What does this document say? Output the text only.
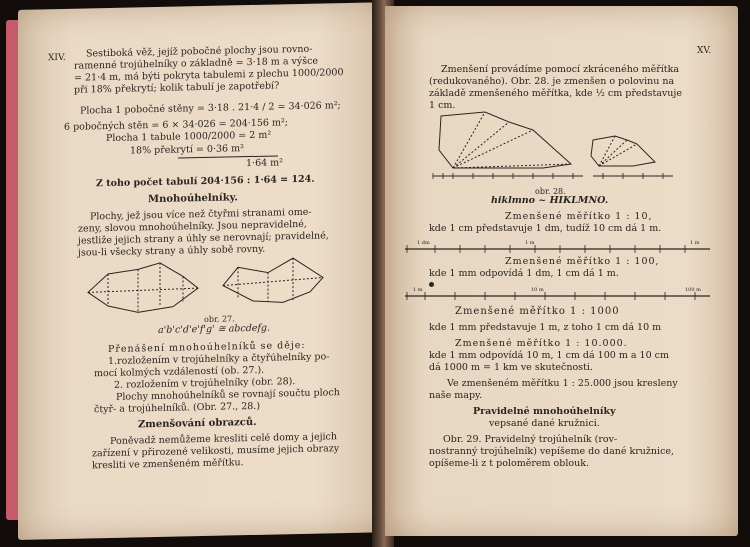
XIV. Sestiboká věž, jejíž pobočné plochy jsou rovno-
ramenné trojúhelníky o základně = 3·18 m a výšce
= 21·4 m, má býti pokryta tabulemi z plechu 1000/2000
při 18% překrytí; kolik tabulí je zapotřebí?
Plocha 1 pobočné stěny = 3·18 . 21·4 / 2 = 34·026 m²;
6 pobočných stěn = 6 × 34·026 = 204·156 m²;
Plocha 1 tabule 1000/2000 = 2 m²
18% překrytí = 0·36 m²
1·64 m²
Z toho počet tabulí 204·156 : 1·64 = 124.
Mnohoúhelníky.
Plochy, jež jsou více než čtyřmi stranami ome-
zeny, slovou mnohoúhelníky. Jsou nepravidelné,
jestliže jejich strany a úhly se nerovnají; pravidelné,
jsou-li všecky strany a úhly sobě rovny.
obr. 27.
a'b'c'd'e'f'g' ≅ abcdefg.
Přenášení mnohoúhelníků se děje:
1.rozložením v trojúhelníky a čtyřúhelníky po-
mocí kolmých vzdáleností (ob. 27.).
2. rozložením v trojúhelníky (obr. 28).
Plochy mnohoúhelníků se rovnají součtu ploch
čtyř- a trojúhelníků. (Obr. 27., 28.)
Zmenšování obrazců.
Poněvadž nemůžeme kresliti celé domy a jejich
zařízení v přirozené velikosti, musíme jejich obrazy
kresliti ve zmenšeném měřítku.
XV.
Zmenšení provádíme pomocí zkráceného měřítka
(redukovaného). Obr. 28. je zmenšen o polovinu na
základě zmenšeného měřítka, kde ½ cm představuje
1 cm.
obr. 28.
hiklmno ~ HIKLMNO.
Zmenšené měřítko 1 : 10,
kde 1 cm představuje 1 dm, tudíž 10 cm dá 1 m.
1 dm	1 m	1 m
Zmenšené měřítko 1 : 100,
kde 1 mm odpovídá 1 dm, 1 cm dá 1 m.
1 m	10 m	100 m
Zmenšené měřítko 1 : 1000
kde 1 mm představuje 1 m, z toho 1 cm dá 10 m
Zmenšené měřítko 1 : 10.000.
kde 1 mm odpovídá 10 m, 1 cm dá 100 m a 10 cm
dá 1000 m = 1 km ve skutečnosti.
Ve zmenšeném měřítku 1 : 25.000 jsou kresleny
naše mapy.
Pravidelné mnohoúhelníky
vepsané dané kružnici.
Obr. 29. Pravidelný trojúhelník (rov-
nostranný trojúhelník) vepíšeme do dané kružnice,
opíšeme-li z t poloměrem oblouk.
